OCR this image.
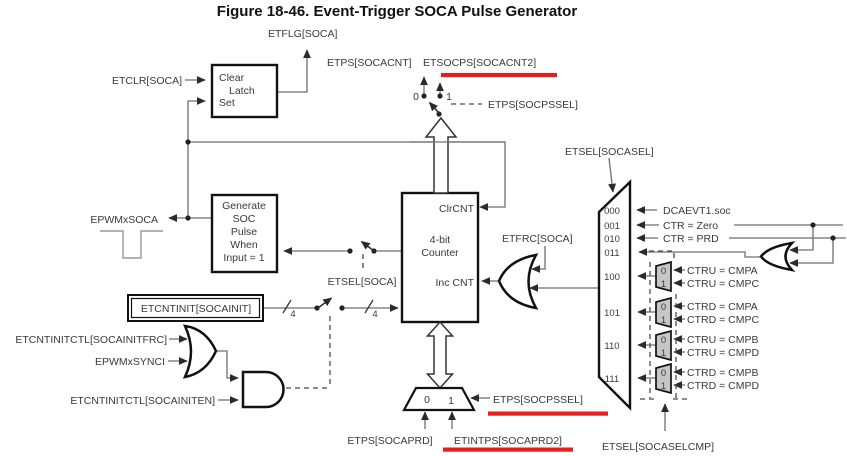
Figure 18-46. Event-Trigger SOCA Pulse Generator
Clear
Latch
Set
Generate
SOC
Pulse
When
Input = 1
ClrCNT
4-bit
Counter
Inc CNT
ETCNTINIT[SOCAINIT]
000
001
010
011
100
101
110
111
0
1
0
1
0
1
0
1
0 1
4	4
ETFLG[SOCA]
ETCLR[SOCA]
ETPS[SOCACNT] ETSOCPS[SOCACNT2]
0	1
ETPS[SOCPSSEL]
ETSEL[SOCASEL]
EPWMxSOCA
ETFRC[SOCA]
ETSEL[SOCA]
ETCNTINITCTL[SOCAINITFRC]
EPWMxSYNCI
ETCNTINITCTL[SOCAINITEN]	ETPS[SOCPSSEL]
ETPS[SOCAPRD] ETINTPS[SOCAPRD2]	ETSEL[SOCASELCMP]
DCAEVT1.soc
CTR = Zero
CTR = PRD
CTRU = CMPA
CTRU = CMPC
CTRD = CMPA
CTRD = CMPC
CTRU = CMPB
CTRU = CMPD
CTRD = CMPB
CTRD = CMPD
